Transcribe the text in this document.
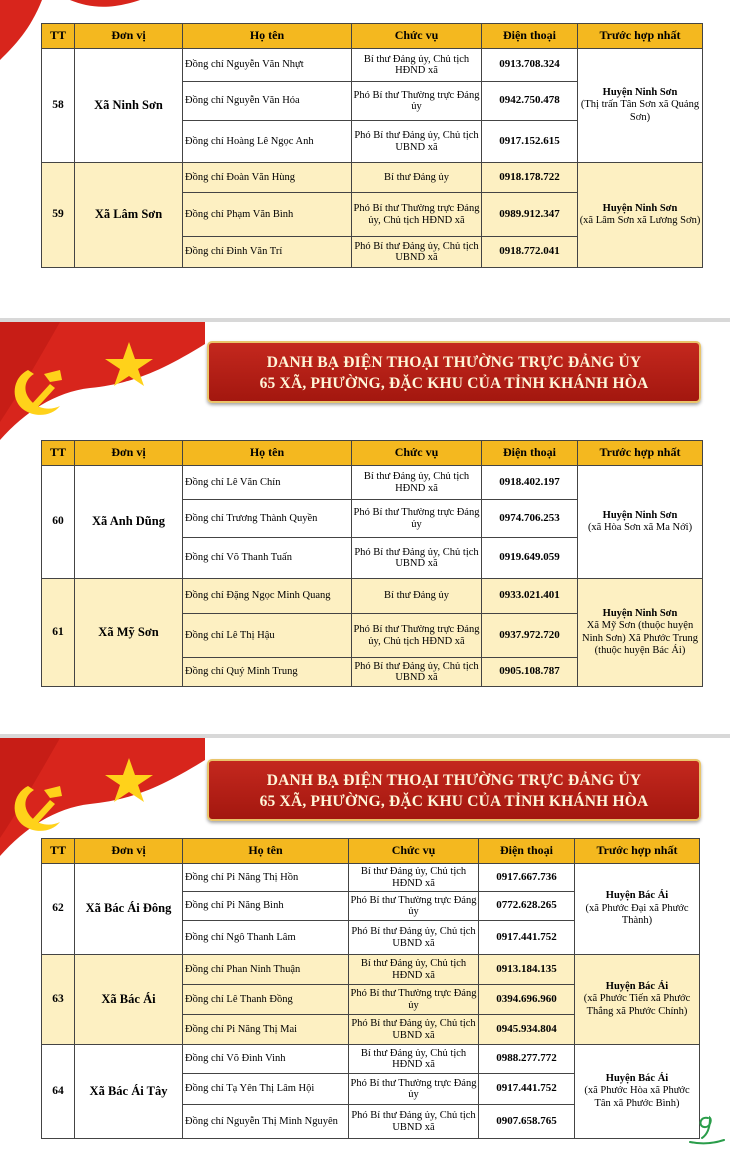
TT	Đơn vị	Họ tên	Chức vụ	Điện thoại	Trước hợp nhất
58	Xã Ninh Sơn	Đồng chí Nguyễn Văn Nhựt	Bí thư Đảng ủy, Chủ tịch HĐND xã	0913.708.324	Huyện Ninh Sơn
(Thị trấn Tân Sơn xã Quảng Sơn)
		Đồng chí Nguyễn Văn Hóa	Phó Bí thư Thường trực Đảng ủy	0942.750.478	
		Đồng chí Hoàng Lê Ngọc Anh	Phó Bí thư Đảng ủy, Chủ tịch UBND xã	0917.152.615	
59	Xã Lâm Sơn	Đồng chí Đoàn Văn Hùng	Bí thư Đảng ủy	0918.178.722	Huyện Ninh Sơn
(xã Lâm Sơn xã Lương Sơn)
		Đồng chí Phạm Văn Bình	Phó Bí thư Thường trực Đảng ủy, Chủ tịch HĐND xã	0989.912.347	
		Đồng chí Đinh Văn Trí	Phó Bí thư Đảng ủy, Chủ tịch UBND xã	0918.772.041	
DANH BẠ ĐIỆN THOẠI THƯỜNG TRỰC ĐẢNG ỦY
65 XÃ, PHƯỜNG, ĐẶC KHU CỦA TỈNH KHÁNH HÒA
TT	Đơn vị	Họ tên	Chức vụ	Điện thoại	Trước hợp nhất
60	Xã Anh Dũng	Đồng chí Lê Văn Chín	Bí thư Đảng ủy, Chủ tịch HĐND xã	0918.402.197	Huyện Ninh Sơn
(xã Hòa Sơn xã Ma Nới)
		Đồng chí Trương Thành Quyền	Phó Bí thư Thường trực Đảng ủy	0974.706.253	
		Đồng chí Võ Thanh Tuấn	Phó Bí thư Đảng ủy, Chủ tịch UBND xã	0919.649.059	
61	Xã Mỹ Sơn	Đồng chí Đặng Ngọc Minh Quang	Bí thư Đảng ủy	0933.021.401	Huyện Ninh Sơn
Xã Mỹ Sơn (thuộc huyện Ninh Sơn) Xã Phước Trung (thuộc huyện Bác Ái)
		Đồng chí Lê Thị Hậu	Phó Bí thư Thường trực Đảng ủy, Chủ tịch HĐND xã	0937.972.720	
		Đồng chí Quý Minh Trung	Phó Bí thư Đảng ủy, Chủ tịch UBND xã	0905.108.787	
DANH BẠ ĐIỆN THOẠI THƯỜNG TRỰC ĐẢNG ỦY
65 XÃ, PHƯỜNG, ĐẶC KHU CỦA TỈNH KHÁNH HÒA
TT	Đơn vị	Họ tên	Chức vụ	Điện thoại	Trước hợp nhất
62	Xã Bác Ái Đông	Đồng chí Pi Năng Thị Hồn	Bí thư Đảng ủy, Chủ tịch HĐND xã	0917.667.736	Huyện Bác Ái
(xã Phước Đại xã Phước Thành)
		Đồng chí Pi Năng Bình	Phó Bí thư Thường trực Đảng ủy	0772.628.265	
		Đồng chí Ngô Thanh Lâm	Phó Bí thư Đảng ủy, Chủ tịch UBND xã	0917.441.752	
63	Xã Bác Ái	Đồng chí Phan Ninh Thuận	Bí thư Đảng ủy, Chủ tịch HĐND xã	0913.184.135	Huyện Bác Ái
(xã Phước Tiến xã Phước Thắng xã Phước Chính)
		Đồng chí Lê Thanh Đồng	Phó Bí thư Thường trực Đảng ủy	0394.696.960	
		Đồng chí Pi Năng Thị Mai	Phó Bí thư Đảng ủy, Chủ tịch UBND xã	0945.934.804	
64	Xã Bác Ái Tây	Đồng chí Võ Đình Vinh	Bí thư Đảng ủy, Chủ tịch HĐND xã	0988.277.772	Huyện Bác Ái
(xã Phước Hòa xã Phước Tân xã Phước Bình)
		Đồng chí Tạ Yên Thị Lâm Hội	Phó Bí thư Thường trực Đảng ủy	0917.441.752	
		Đồng chí Nguyễn Thị Minh Nguyên	Phó Bí thư Đảng ủy, Chủ tịch UBND xã	0907.658.765	
